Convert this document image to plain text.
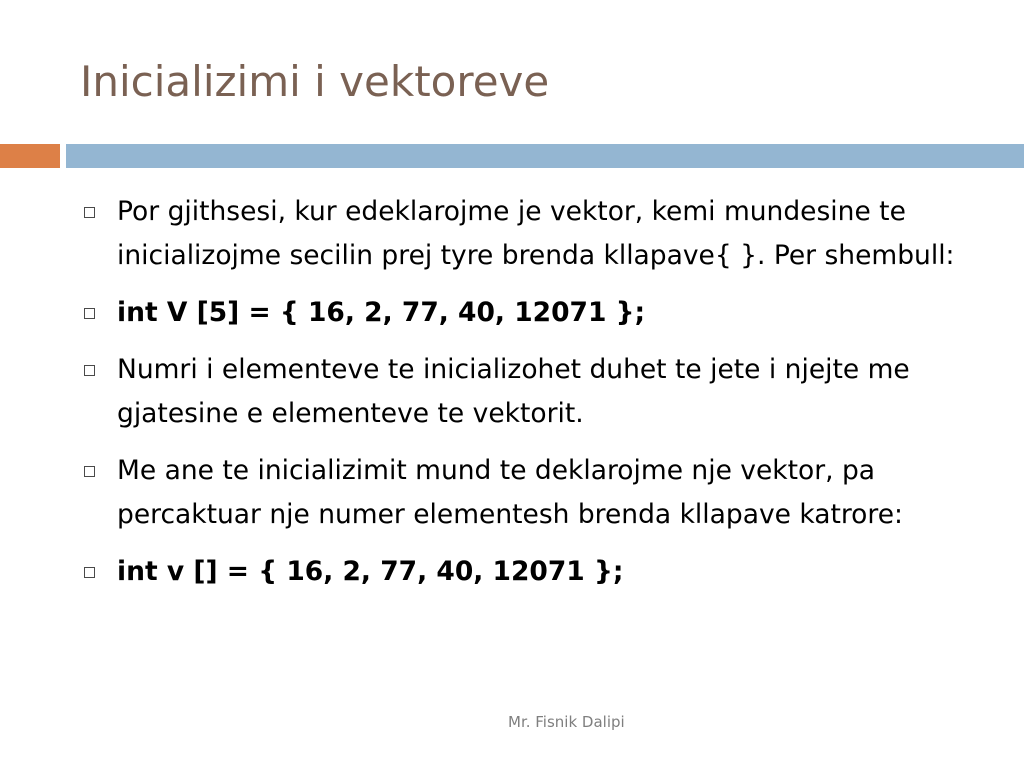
Inicializimi i vektoreve
Por gjithsesi, kur edeklarojme je vektor, kemi mundesine te inicializojme secilin prej tyre brenda kllapave{ }. Per shembull:
int V [5] = { 16, 2, 77, 40, 12071 };
Numri i elementeve te inicializohet duhet te jete i njejte me gjatesine e elementeve te vektorit.
Me ane te inicializimit mund te deklarojme nje vektor, pa percaktuar nje numer elementesh brenda kllapave katrore:
int v [] = { 16, 2, 77, 40, 12071 };
Mr. Fisnik Dalipi
